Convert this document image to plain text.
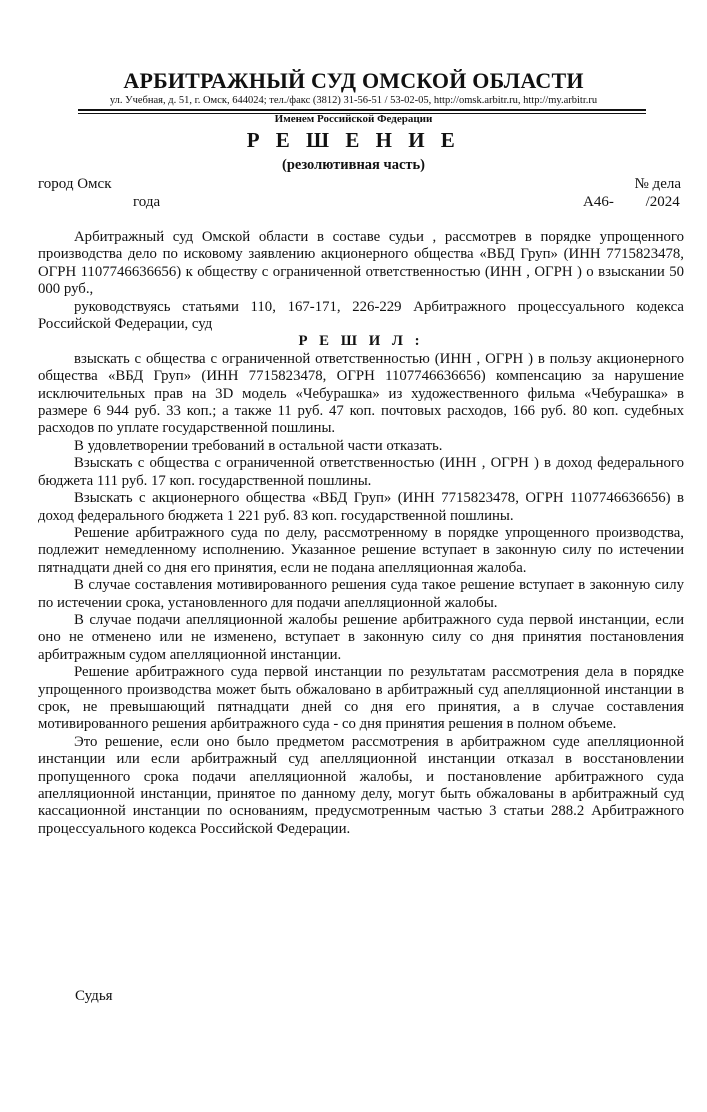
АРБИТРАЖНЫЙ СУД ОМСКОЙ ОБЛАСТИ
ул. Учебная, д. 51, г. Омск, 644024; тел./факс (3812) 31-56-51 / 53-02-05, http://omsk.arbitr.ru, http://my.arbitr.ru
Именем Российской Федерации
Р Е Ш Е Н И Е
(резолютивная часть)
город Омск	№ дела
года	А46- /2024

Арбитражный суд Омской области в составе судьи , рассмотрев в порядке упрощенного производства дело по исковому заявлению акционерного общества «ВБД Груп» (ИНН 7715823478, ОГРН 1107746636656) к обществу с ограниченной ответственностью (ИНН , ОГРН ) о взыскании 50 000 руб.,

руководствуясь статьями 110, 167-171, 226-229 Арбитражного процессуального кодекса Российской Федерации, суд

Р Е Ш И Л :

взыскать с общества с ограниченной ответственностью (ИНН , ОГРН ) в пользу акционерного общества «ВБД Груп» (ИНН 7715823478, ОГРН 1107746636656) компенсацию за нарушение исключительных прав на 3D модель «Чебурашка» из художественного фильма «Чебурашка» в размере 6 944 руб. 33 коп.; а также 11 руб. 47 коп. почтовых расходов, 166 руб. 80 коп. судебных расходов по уплате государственной пошлины.

В удовлетворении требований в остальной части отказать.

Взыскать с общества с ограниченной ответственностью (ИНН , ОГРН ) в доход федерального бюджета 111 руб. 17 коп. государственной пошлины.

Взыскать с акционерного общества «ВБД Груп» (ИНН 7715823478, ОГРН 1107746636656) в доход федерального бюджета 1 221 руб. 83 коп. государственной пошлины.

Решение арбитражного суда по делу, рассмотренному в порядке упрощенного производства, подлежит немедленному исполнению. Указанное решение вступает в законную силу по истечении пятнадцати дней со дня его принятия, если не подана апелляционная жалоба.

В случае составления мотивированного решения суда такое решение вступает в законную силу по истечении срока, установленного для подачи апелляционной жалобы.

В случае подачи апелляционной жалобы решение арбитражного суда первой инстанции, если оно не отменено или не изменено, вступает в законную силу со дня принятия постановления арбитражным судом апелляционной инстанции.

Решение арбитражного суда первой инстанции по результатам рассмотрения дела в порядке упрощенного производства может быть обжаловано в арбитражный суд апелляционной инстанции в срок, не превышающий пятнадцати дней со дня его принятия, а в случае составления мотивированного решения арбитражного суда - со дня принятия решения в полном объеме.

Это решение, если оно было предметом рассмотрения в арбитражном суде апелляционной инстанции или если арбитражный суд апелляционной инстанции отказал в восстановлении пропущенного срока подачи апелляционной жалобы, и постановление арбитражного суда апелляционной инстанции, принятое по данному делу, могут быть обжалованы в арбитражный суд кассационной инстанции по основаниям, предусмотренным частью 3 статьи 288.2 Арбитражного процессуального кодекса Российской Федерации.

Судья
